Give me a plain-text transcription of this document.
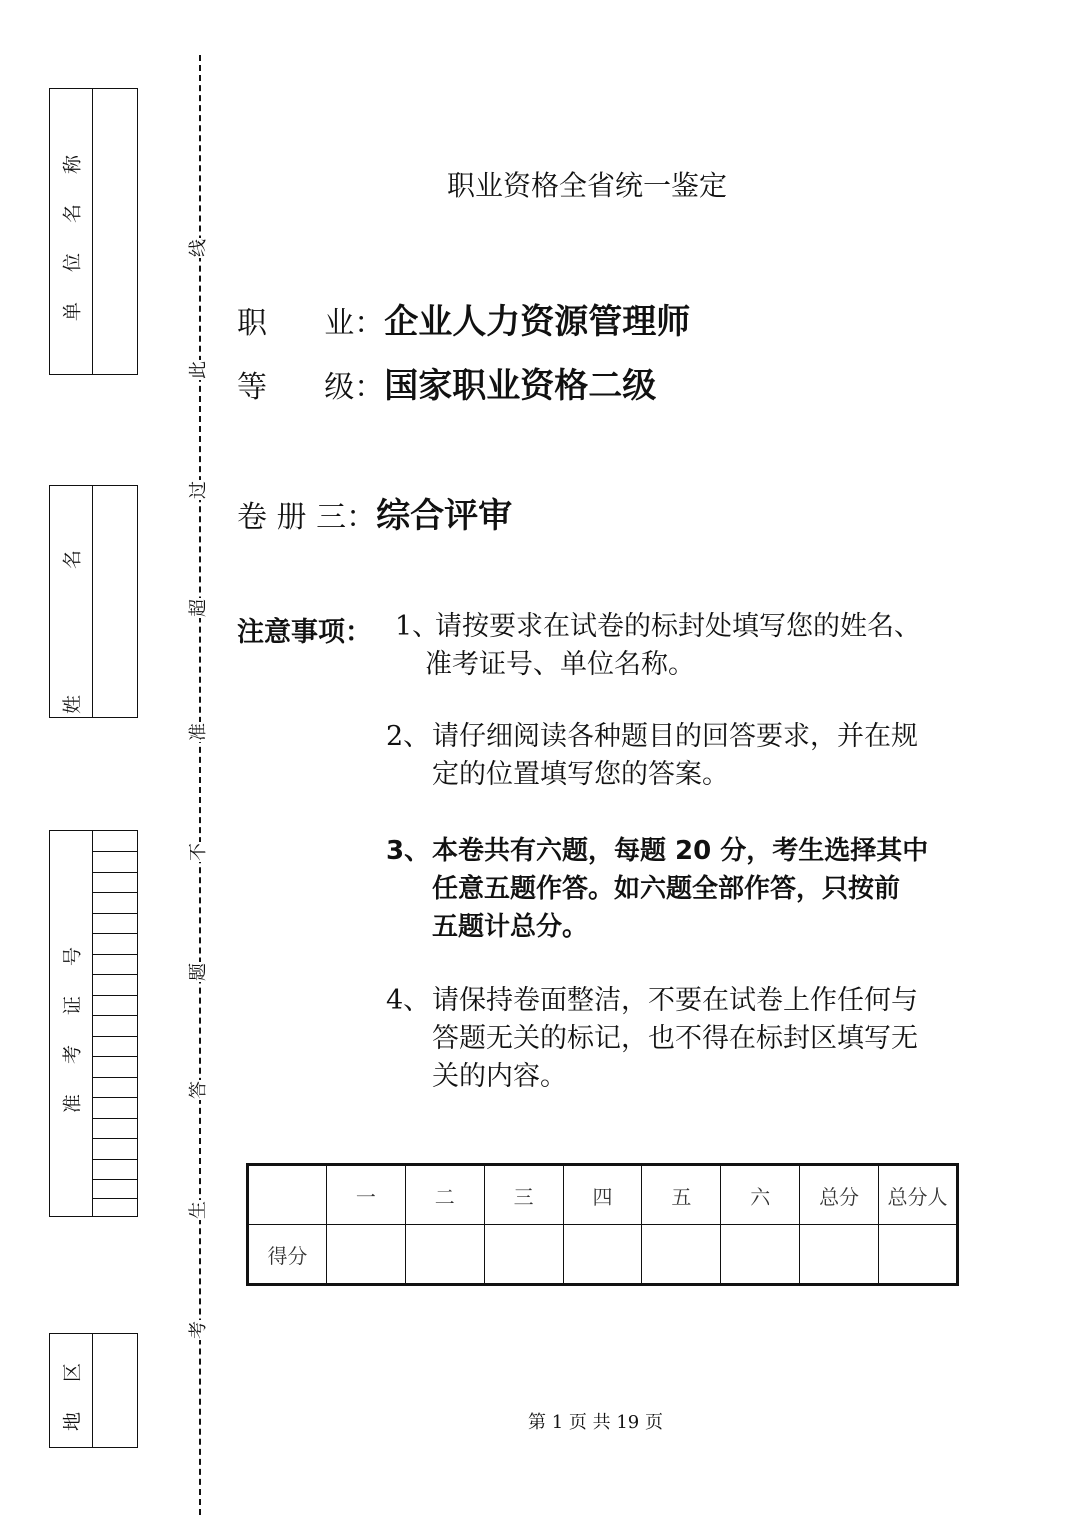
单 位 名 称
姓 名
准 考 证 号
地 区
线
此
过
超
准
不
题
答
生
考
职业资格全省统一鉴定
职      业：企业人力资源管理师
等      级：国家职业资格二级
卷 册 三：综合评审
注意事项： 1、请按要求在试卷的标封处填写您的姓名、
准考证号、单位名称。
2、请仔细阅读各种题目的回答要求，并在规
定的位置填写您的答案。
3、本卷共有六题，每题 20 分，考生选择其中
任意五题作答。如六题全部作答，只按前
五题计总分。
4、请保持卷面整洁，不要在试卷上作任何与
答题无关的标记，也不得在标封区填写无
关的内容。
	一	二	三	四	五	六	总分	总分人
得分								
第 1 页 共 19 页
